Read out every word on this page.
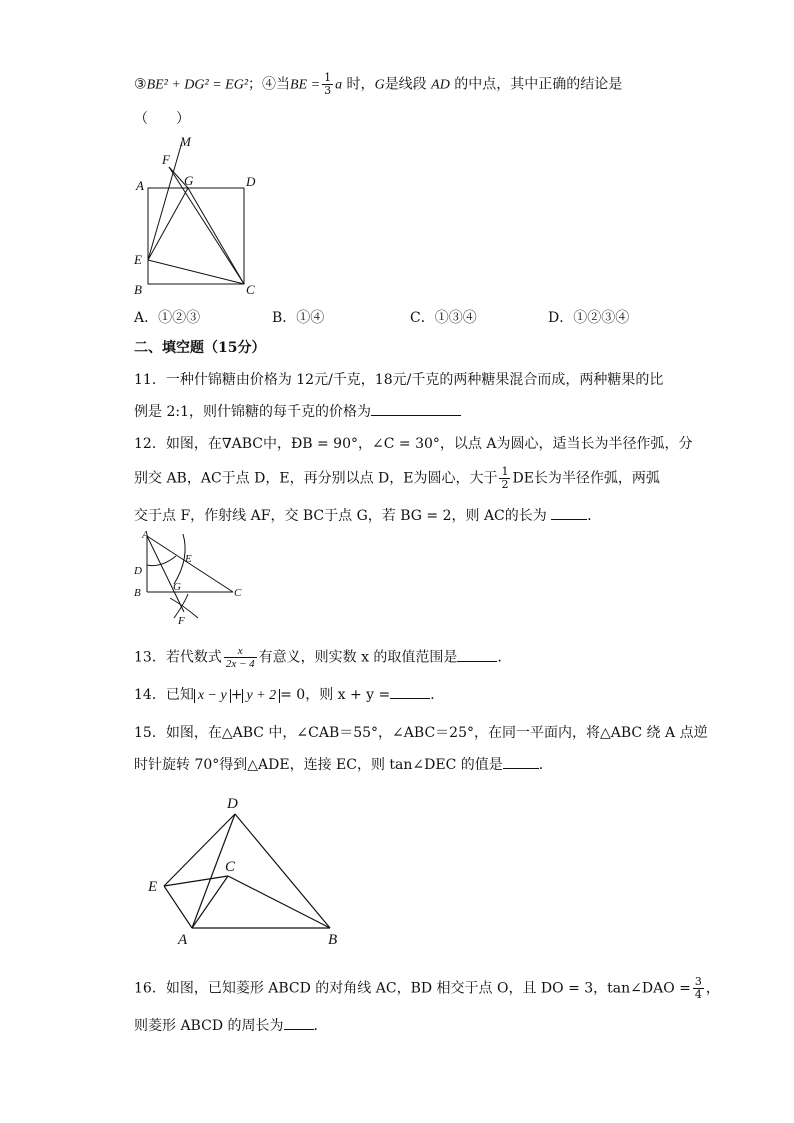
③BE² + DG² = EG²；④当BE = $\frac{1}{3}$ a 时，G是线段 AD 的中点，其中正确的结论是
（　　）
M
F
A	G	D
E
B	C
A．①②③	B．①④	C．①③④	D．①②③④
二、填空题（15分）
11．一种什锦糖由价格为 12元/千克，18元/千克的两种糖果混合而成，两种糖果的比
例是 2:1，则什锦糖的每千克的价格为
12．如图，在∇ABC中，ÐB = 90°，∠C = 30°，以点 A为圆心，适当长为半径作弧，分
别交 AB，AC于点 D，E，再分别以点 D，E为圆心，大于 $\frac{1}{2}$ DE长为半径作弧，两弧
交于点 F，作射线 AF，交 BC于点 G，若 BG = 2，则 AC的长为	．
A
E
D
G
B	C
F
13．若代数式 $\frac{x}{2x - 4}$ 有意义，则实数 x 的取值范围是	．
14．已知 x − y + y + 2 = 0，则 x + y =	．
15．如图，在△ABC 中，∠CAB＝55°，∠ABC＝25°，在同一平面内，将△ABC 绕 A 点逆
时针旋转 70°得到△ADE，连接 EC，则 tan∠DEC 的值是	．
D
C
E
A	B
16．如图，已知菱形 ABCD 的对角线 AC，BD 相交于点 O，且 DO = 3，tan∠DAO = $\frac{3}{4}$ ，
则菱形 ABCD 的周长为 ．
